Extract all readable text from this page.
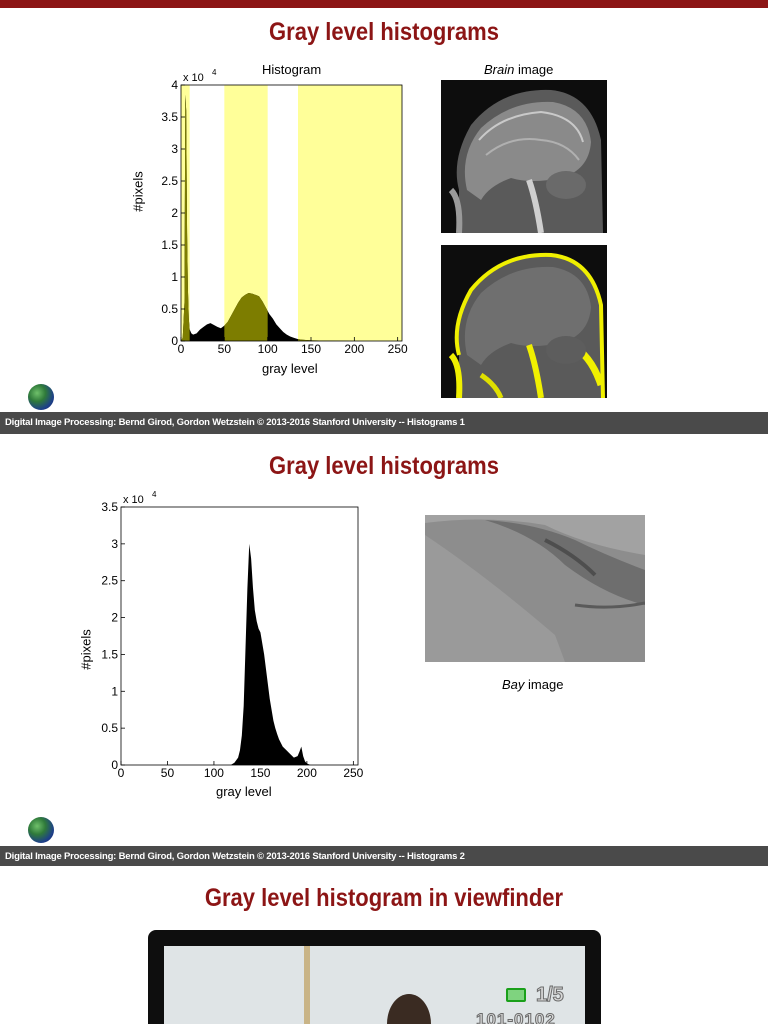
Gray level histograms
Histogram
#pixels
gray level
0	50 100 150 200 250
0
0.5
1
1.5
2
2.5
3
3.5
4 x 10 4	Brain image
Digital Image Processing: Bernd Girod, Gordon Wetzstein © 2013-2016 Stanford University -- Histograms 1
Gray level histograms
#pixels
gray level
0	50 100 150 200 250
0
0.5
1
1.5
2
2.5
3
3.5 x 10 4
Bay image
Digital Image Processing: Bernd Girod, Gordon Wetzstein © 2013-2016 Stanford University -- Histograms 2
Gray level histogram in viewfinder
1/5
101-0102
